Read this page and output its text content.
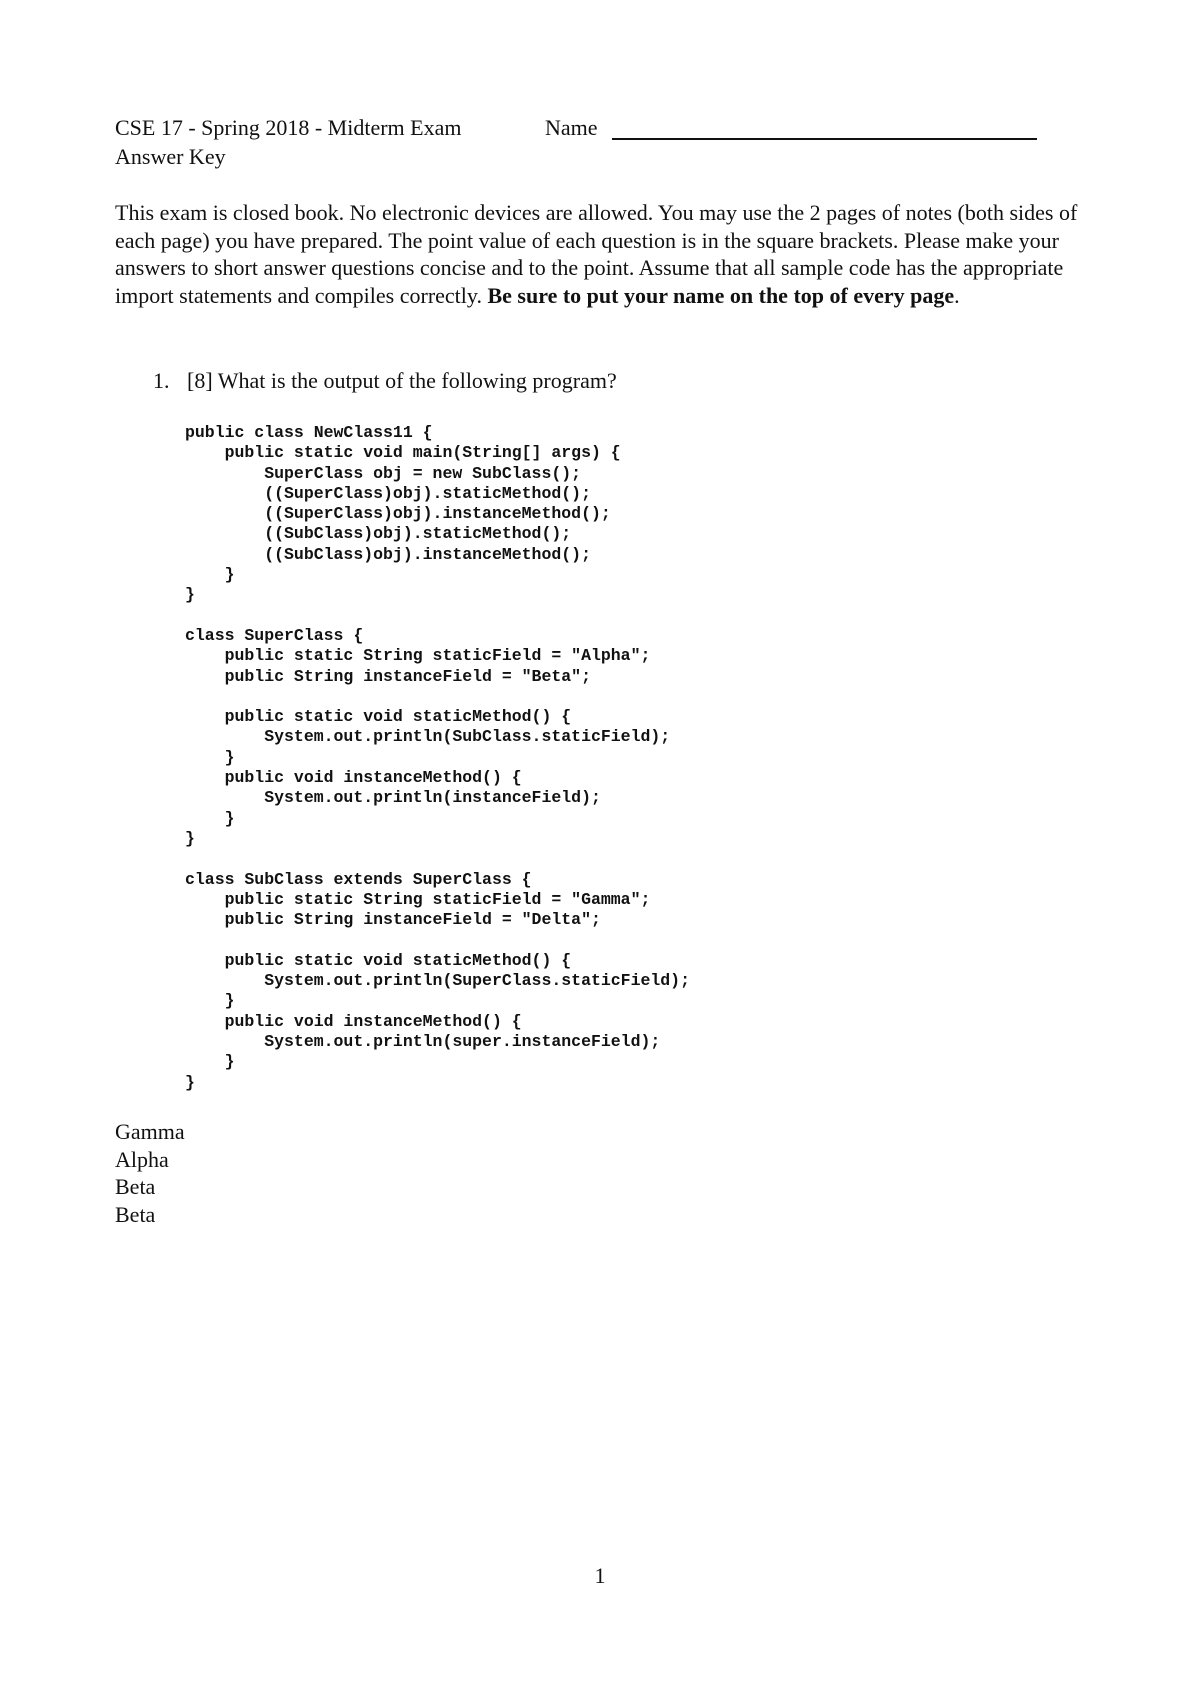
CSE 17 - Spring 2018 - Midterm Exam	Name
Answer Key
This exam is closed book. No electronic devices are allowed. You may use the 2 pages of notes (both sides of each page) you have prepared. The point value of each question is in the square brackets. Please make your answers to short answer questions concise and to the point. Assume that all sample code has the appropriate import statements and compiles correctly. Be sure to put your name on the top of every page.
1. [8] What is the output of the following program?
public class NewClass11 {
public static void main(String[] args) {
SuperClass obj = new SubClass();
((SuperClass)obj).staticMethod();
((SuperClass)obj).instanceMethod();
((SubClass)obj).staticMethod();
((SubClass)obj).instanceMethod();
}
}
class SuperClass {
public static String staticField = "Alpha";
public String instanceField = "Beta";
public static void staticMethod() {
System.out.println(SubClass.staticField);
}
public void instanceMethod() {
System.out.println(instanceField);
}
}
class SubClass extends SuperClass {
public static String staticField = "Gamma";
public String instanceField = "Delta";
public static void staticMethod() {
System.out.println(SuperClass.staticField);
}
public void instanceMethod() {
System.out.println(super.instanceField);
}
}
Gamma
Alpha
Beta
Beta
1
